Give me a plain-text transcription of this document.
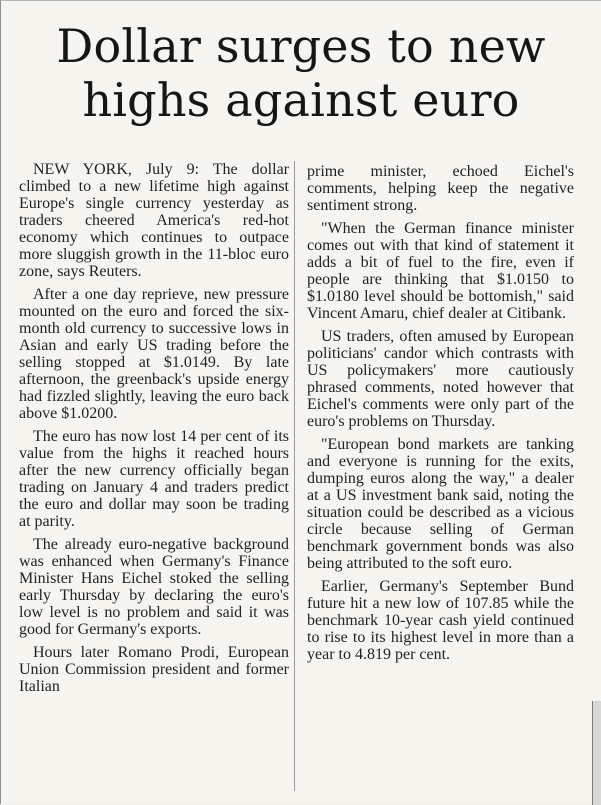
Dollar surges to new highs against euro

NEW YORK, July 9: The dollar climbed to a new lifetime high against Europe's single currency yesterday as traders cheered America's red-hot economy which continues to outpace more sluggish growth in the 11-bloc euro zone, says Reuters.

After a one day reprieve, new pressure mounted on the euro and forced the six-month old currency to successive lows in Asian and early US trading before the selling stopped at $1.0149. By late afternoon, the greenback's upside energy had fizzled slightly, leaving the euro back above $1.0200.

The euro has now lost 14 per cent of its value from the highs it reached hours after the new currency officially began trading on January 4 and traders predict the euro and dollar may soon be trading at parity.

The already euro-negative background was enhanced when Germany's Finance Minister Hans Eichel stoked the selling early Thursday by declaring the euro's low level is no problem and said it was good for Germany's exports.

Hours later Romano Prodi, European Union Commission president and former Italian

prime minister, echoed Eichel's comments, helping keep the negative sentiment strong.

"When the German finance minister comes out with that kind of statement it adds a bit of fuel to the fire, even if people are thinking that $1.0150 to $1.0180 level should be bottomish," said Vincent Amaru, chief dealer at Citibank.

US traders, often amused by European politicians' candor which contrasts with US policymakers' more cautiously phrased comments, noted however that Eichel's comments were only part of the euro's problems on Thursday.

"European bond markets are tanking and everyone is running for the exits, dumping euros along the way," a dealer at a US investment bank said, noting the situation could be described as a vicious circle because selling of German benchmark government bonds was also being attributed to the soft euro.

Earlier, Germany's September Bund future hit a new low of 107.85 while the benchmark 10-year cash yield continued to rise to its highest level in more than a year to 4.819 per cent.
